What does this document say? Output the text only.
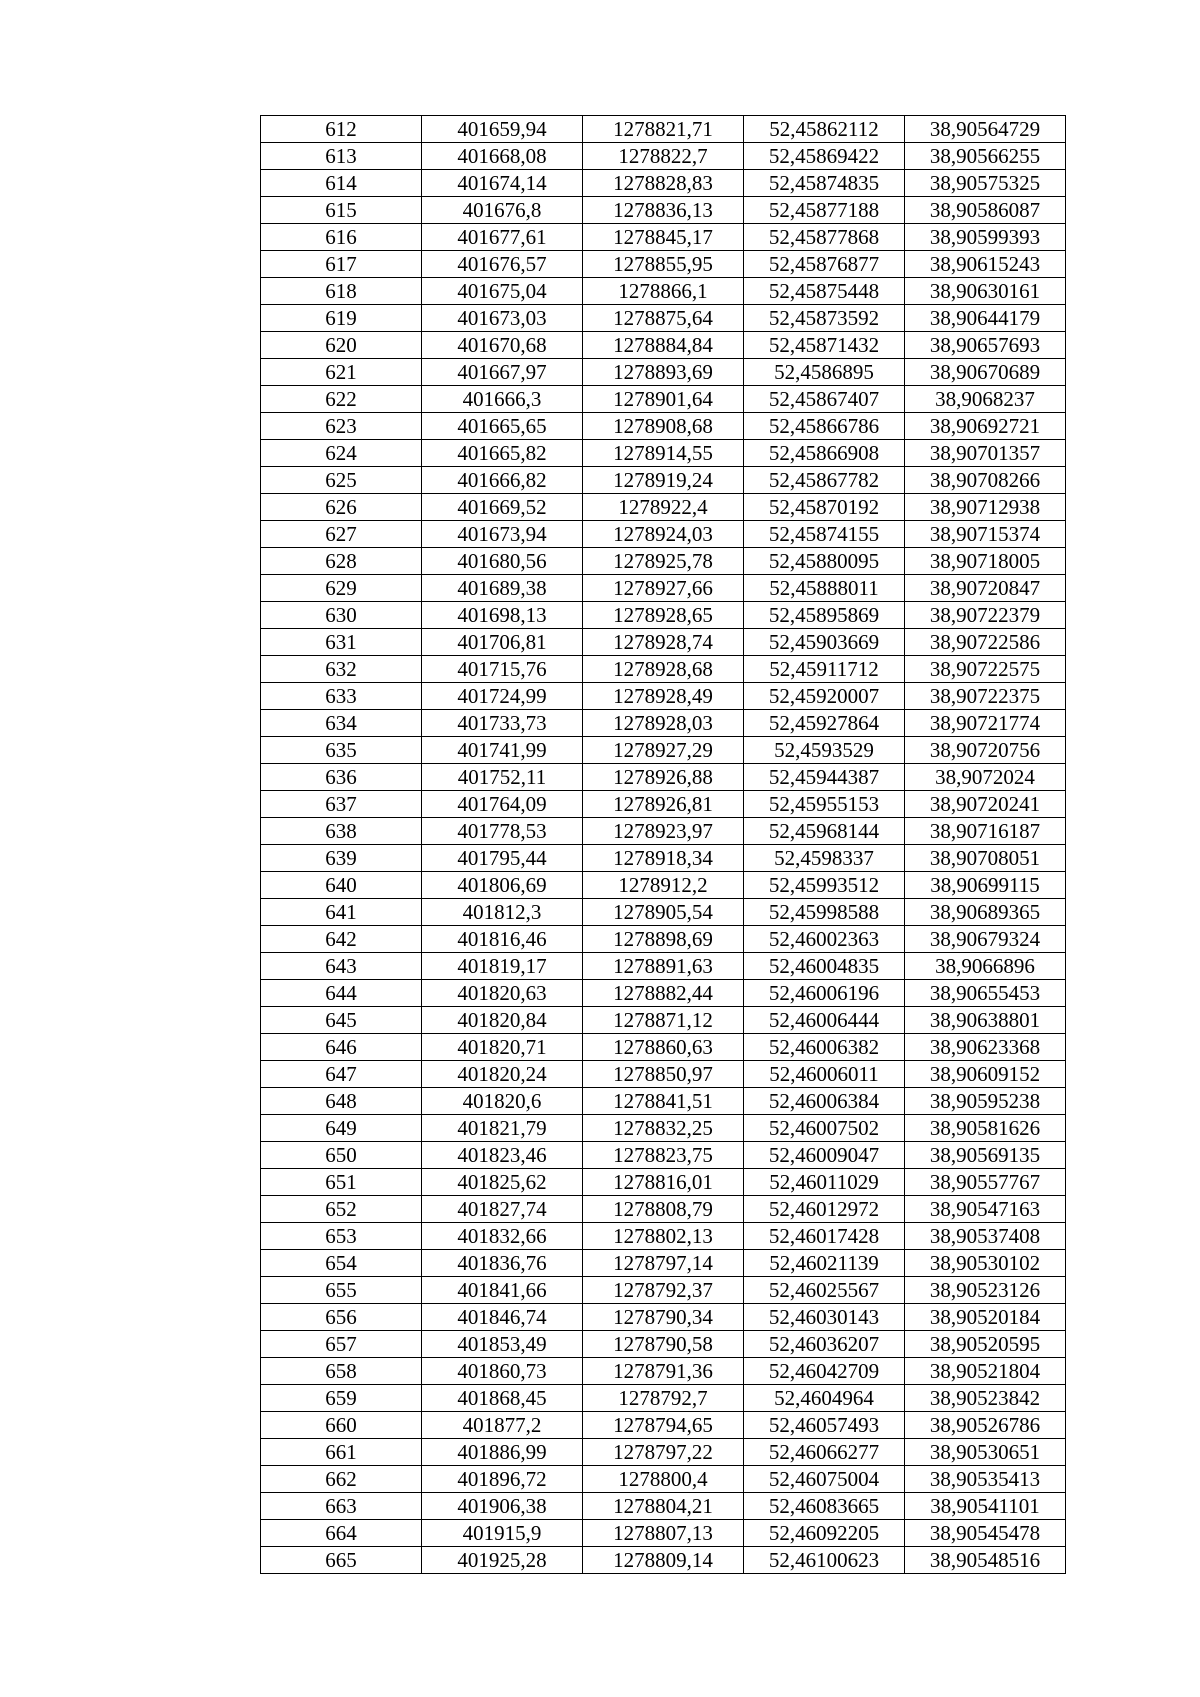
612	401659,94	1278821,71	52,45862112	38,90564729
613	401668,08	1278822,7	52,45869422	38,90566255
614	401674,14	1278828,83	52,45874835	38,90575325
615	401676,8	1278836,13	52,45877188	38,90586087
616	401677,61	1278845,17	52,45877868	38,90599393
617	401676,57	1278855,95	52,45876877	38,90615243
618	401675,04	1278866,1	52,45875448	38,90630161
619	401673,03	1278875,64	52,45873592	38,90644179
620	401670,68	1278884,84	52,45871432	38,90657693
621	401667,97	1278893,69	52,4586895	38,90670689
622	401666,3	1278901,64	52,45867407	38,9068237
623	401665,65	1278908,68	52,45866786	38,90692721
624	401665,82	1278914,55	52,45866908	38,90701357
625	401666,82	1278919,24	52,45867782	38,90708266
626	401669,52	1278922,4	52,45870192	38,90712938
627	401673,94	1278924,03	52,45874155	38,90715374
628	401680,56	1278925,78	52,45880095	38,90718005
629	401689,38	1278927,66	52,45888011	38,90720847
630	401698,13	1278928,65	52,45895869	38,90722379
631	401706,81	1278928,74	52,45903669	38,90722586
632	401715,76	1278928,68	52,45911712	38,90722575
633	401724,99	1278928,49	52,45920007	38,90722375
634	401733,73	1278928,03	52,45927864	38,90721774
635	401741,99	1278927,29	52,4593529	38,90720756
636	401752,11	1278926,88	52,45944387	38,9072024
637	401764,09	1278926,81	52,45955153	38,90720241
638	401778,53	1278923,97	52,45968144	38,90716187
639	401795,44	1278918,34	52,4598337	38,90708051
640	401806,69	1278912,2	52,45993512	38,90699115
641	401812,3	1278905,54	52,45998588	38,90689365
642	401816,46	1278898,69	52,46002363	38,90679324
643	401819,17	1278891,63	52,46004835	38,9066896
644	401820,63	1278882,44	52,46006196	38,90655453
645	401820,84	1278871,12	52,46006444	38,90638801
646	401820,71	1278860,63	52,46006382	38,90623368
647	401820,24	1278850,97	52,46006011	38,90609152
648	401820,6	1278841,51	52,46006384	38,90595238
649	401821,79	1278832,25	52,46007502	38,90581626
650	401823,46	1278823,75	52,46009047	38,90569135
651	401825,62	1278816,01	52,46011029	38,90557767
652	401827,74	1278808,79	52,46012972	38,90547163
653	401832,66	1278802,13	52,46017428	38,90537408
654	401836,76	1278797,14	52,46021139	38,90530102
655	401841,66	1278792,37	52,46025567	38,90523126
656	401846,74	1278790,34	52,46030143	38,90520184
657	401853,49	1278790,58	52,46036207	38,90520595
658	401860,73	1278791,36	52,46042709	38,90521804
659	401868,45	1278792,7	52,4604964	38,90523842
660	401877,2	1278794,65	52,46057493	38,90526786
661	401886,99	1278797,22	52,46066277	38,90530651
662	401896,72	1278800,4	52,46075004	38,90535413
663	401906,38	1278804,21	52,46083665	38,90541101
664	401915,9	1278807,13	52,46092205	38,90545478
665	401925,28	1278809,14	52,46100623	38,90548516
